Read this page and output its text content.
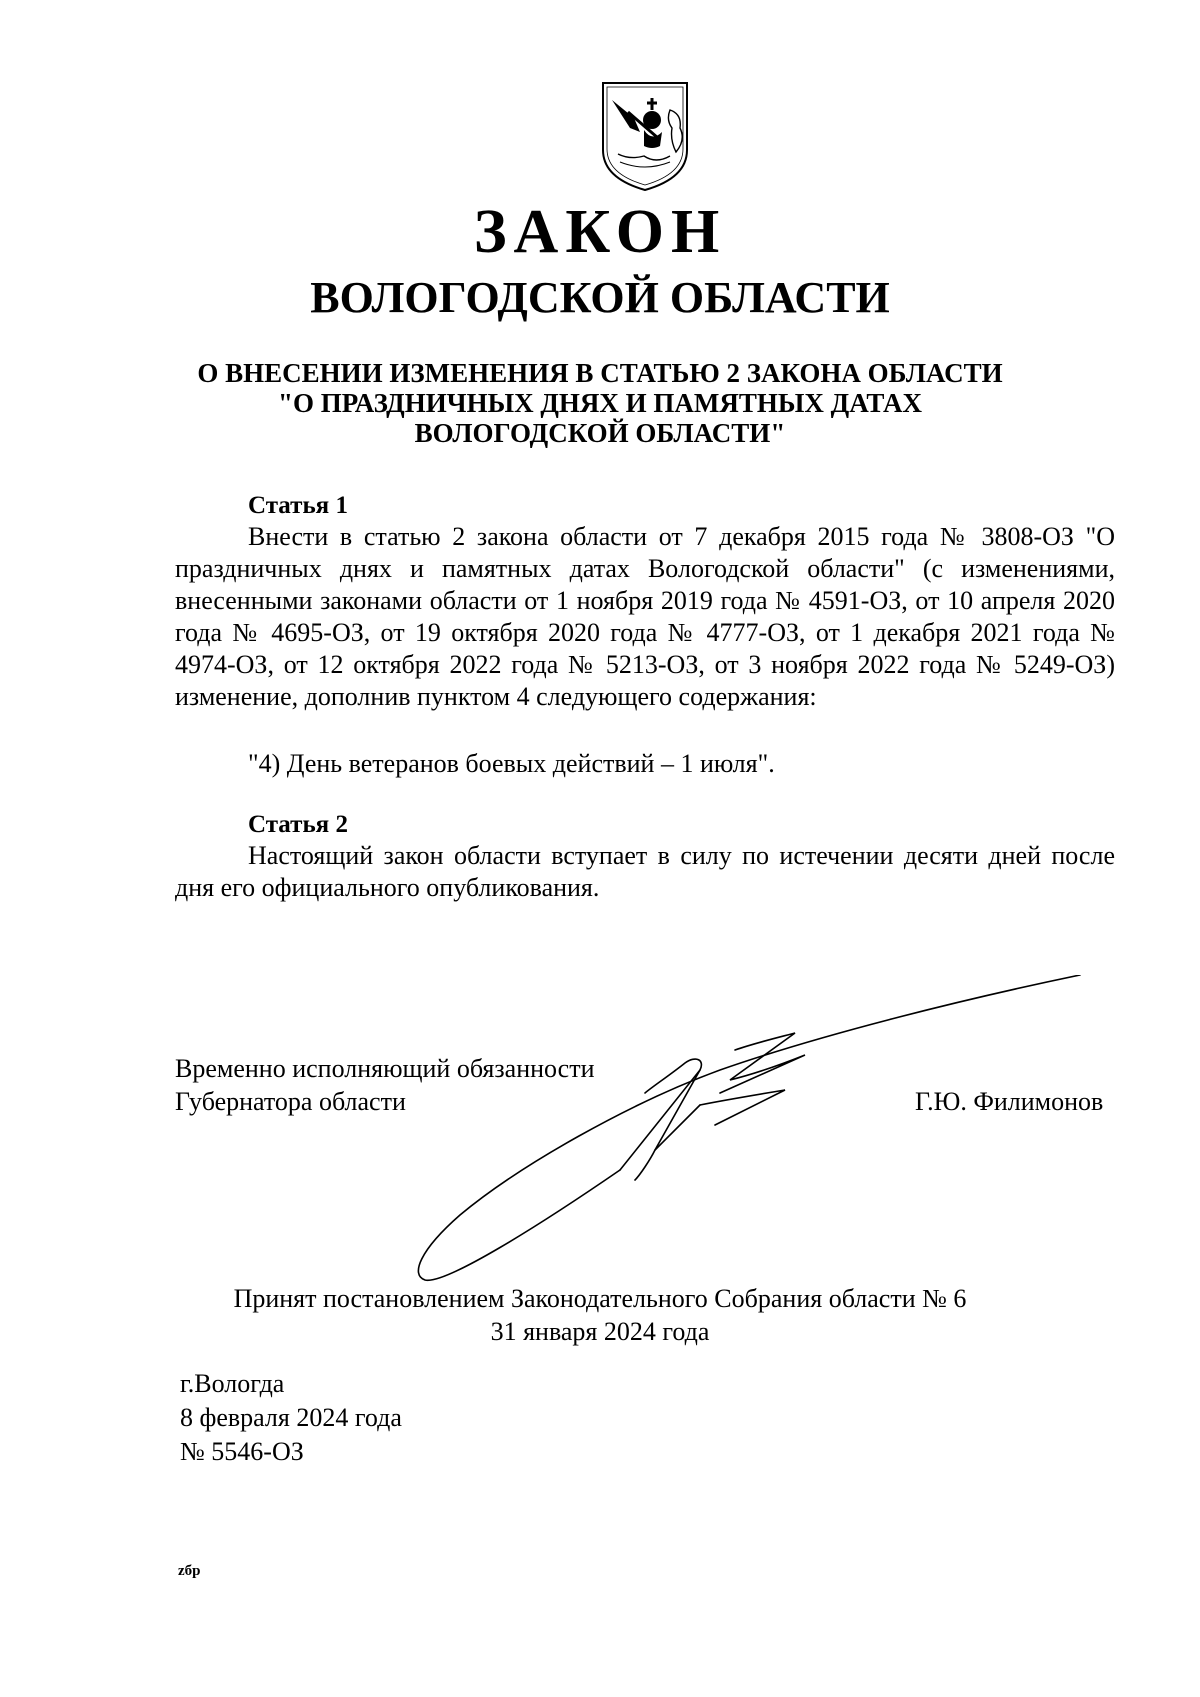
ЗАКОН
ВОЛОГОДСКОЙ ОБЛАСТИ
О ВНЕСЕНИИ ИЗМЕНЕНИЯ В СТАТЬЮ 2 ЗАКОНА ОБЛАСТИ
"О ПРАЗДНИЧНЫХ ДНЯХ И ПАМЯТНЫХ ДАТАХ
ВОЛОГОДСКОЙ ОБЛАСТИ"
Статья 1
Внести в статью 2 закона области от 7 декабря 2015 года № 3808-ОЗ "О праздничных днях и памятных датах Вологодской области" (с изменениями, внесенными законами области от 1 ноября 2019 года № 4591-ОЗ, от 10 апреля 2020 года № 4695-ОЗ, от 19 октября 2020 года № 4777-ОЗ, от 1 декабря 2021 года № 4974-ОЗ, от 12 октября 2022 года № 5213-ОЗ, от 3 ноября 2022 года № 5249-ОЗ) изменение, дополнив пунктом 4 следующего содержания:
"4) День ветеранов боевых действий – 1 июля".
Статья 2
Настоящий закон области вступает в силу по истечении десяти дней после дня его официального опубликования.
Временно исполняющий обязанности
Губернатора области	Г.Ю. Филимонов
Принят постановлением Законодательного Собрания области № 6
31 января 2024 года
г.Вологда
8 февраля 2024 года
№ 5546-ОЗ
zбр
